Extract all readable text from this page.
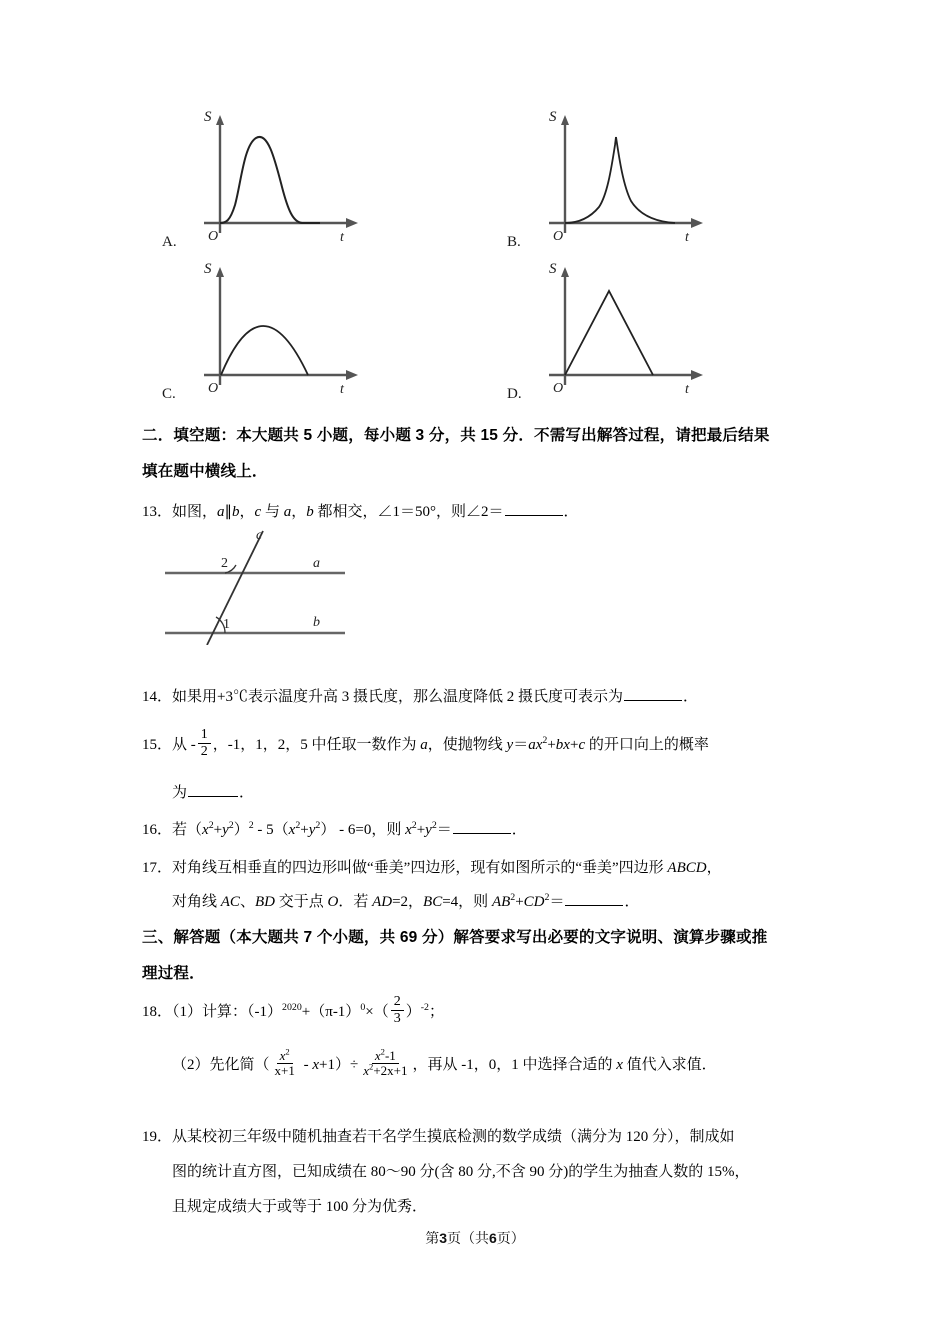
A.
S
O	t	B.
S
O	t
C.
S
O	t	D.
S
O	t
二．填空题：本大题共 5 小题，每小题 3 分，共 15 分．不需写出解答过程，请把最后结果
填在题中横线上．
13．如图，a∥b，c 与 a，b 都相交，∠1＝50°，则∠2＝	．
c
a
b
2
1
14．如果用+3℃表示温度升高 3 摄氏度，那么温度降低 2 摄氏度可表示为	．
15．从 - $\frac{1}{2}$ ，-1，1，2，5 中任取一数作为 a，使抛物线 $y=ax^2+bx+c$ 的开口向上的概率
为	．
16．若$(x^2+y^2)^2 - 5(x^2+y^2) - 6=0$，则 $x^2+y^2=$	．
17．对角线互相垂直的四边形叫做“垂美”四边形，现有如图所示的“垂美”四边形 ABCD，
对角线 AC、BD 交于点 O．若 AD=2，BC=4，则 $AB^2+CD^2=$	．
三、解答题（本大题共 7 个小题，共 69 分）解答要求写出必要的文字说明、演算步骤或推
理过程．
18．（1）计算：$(-1)^{2020}+(\pi-1)^0\times( \frac{2}{3} )^{-2}$；
（2）先化简（ $\frac{x^2}{x+1} - x+1)\div \frac{x^2-1}{x^2+2x+1}$ ，再从 -1，0，1 中选择合适的 x 值代入求值．
19．从某校初三年级中随机抽查若干名学生摸底检测的数学成绩（满分为 120 分），制成如
图的统计直方图，已知成绩在 80～90 分(含 80 分,不含 90 分)的学生为抽查人数的 15%，
且规定成绩大于或等于 100 分为优秀．
第3页（共6页）
